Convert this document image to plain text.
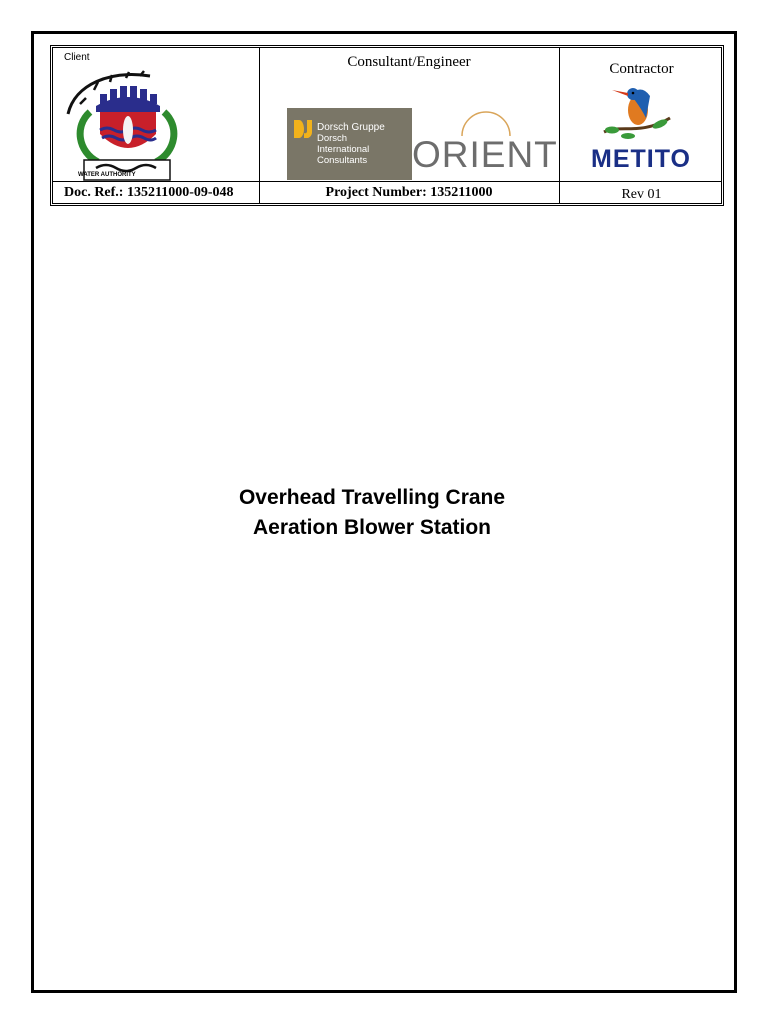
Client	Consultant/Engineer	Contractor
Doc. Ref.: 135211000-09-048	Project Number: 135211000	Rev 01
WATER AUTHORITY
Dorsch Gruppe
Dorsch
International
Consultants	ORIENT METITO
Overhead Travelling Crane
Aeration Blower Station
